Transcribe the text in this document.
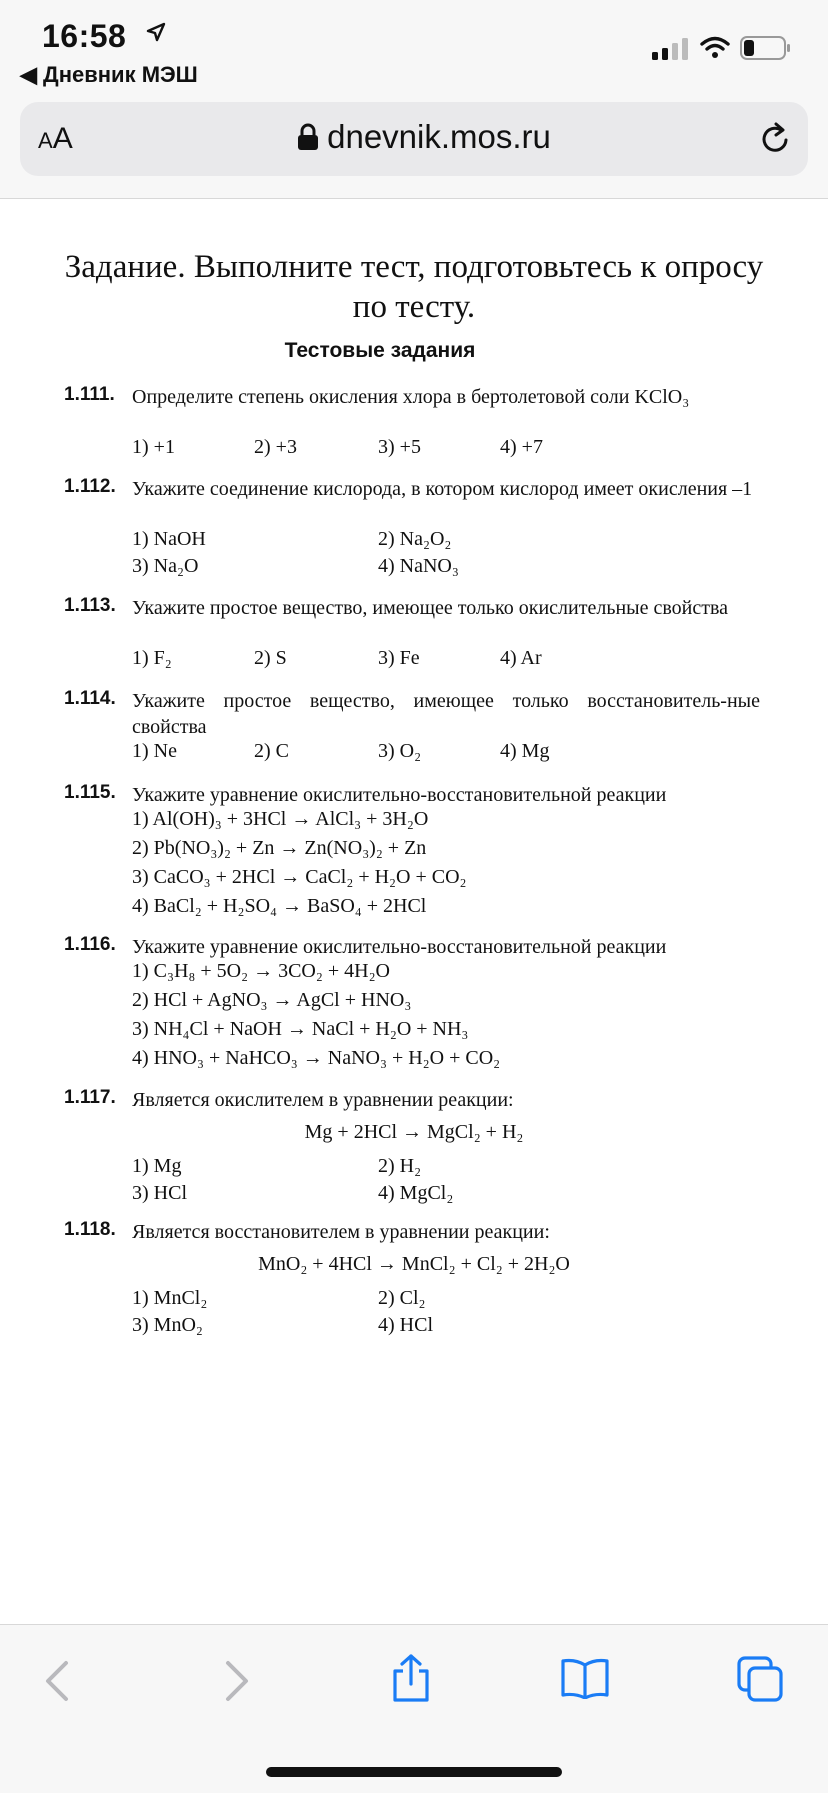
16:58
◀ Дневник МЭШ
AA	dnevnik.mos.ru
Задание. Выполните тест, подготовьтесь к опросу
по тесту.
Тестовые задания
1.111. Определите степень окисления хлора в бертолетовой соли KClO₃
1) +1	2) +3	3) +5	4) +7
1.112. Укажите соединение кислорода, в котором кислород имеет окисления –1
1) NaOH	2) Na₂O₂
3) Na₂O	4) NaNO₃
1.113. Укажите простое вещество, имеющее только окислительные свойства
1) F₂	2) S	3) Fe	4) Ar
1.114. Укажите простое вещество, имеющее только восстановитель-ные свойства
1) Ne	2) C	3) O₂	4) Mg
1.115. Укажите уравнение окислительно-восстановительной реакции
1) Al(OH)₃ + 3HCl → AlCl₃ + 3H₂O
2) Pb(NO₃)₂ + Zn → Zn(NO₃)₂ + Zn
3) CaCO₃ + 2HCl → CaCl₂ + H₂O + CO₂
4) BaCl₂ + H₂SO₄ → BaSO₄ + 2HCl
1.116. Укажите уравнение окислительно-восстановительной реакции
1) C₃H₈ + 5O₂ → 3CO₂ + 4H₂O
2) HCl + AgNO₃ → AgCl + HNO₃
3) NH₄Cl + NaOH → NaCl + H₂O + NH₃
4) HNO₃ + NaHCO₃ → NaNO₃ + H₂O + CO₂
1.117. Является окислителем в уравнении реакции:
Mg + 2HCl → MgCl₂ + H₂
1) Mg	2) H₂
3) HCl	4) MgCl₂
1.118. Является восстановителем в уравнении реакции:
MnO₂ + 4HCl → MnCl₂ + Cl₂ + 2H₂O
1) MnCl₂	2) Cl₂
3) MnO₂	4) HCl
